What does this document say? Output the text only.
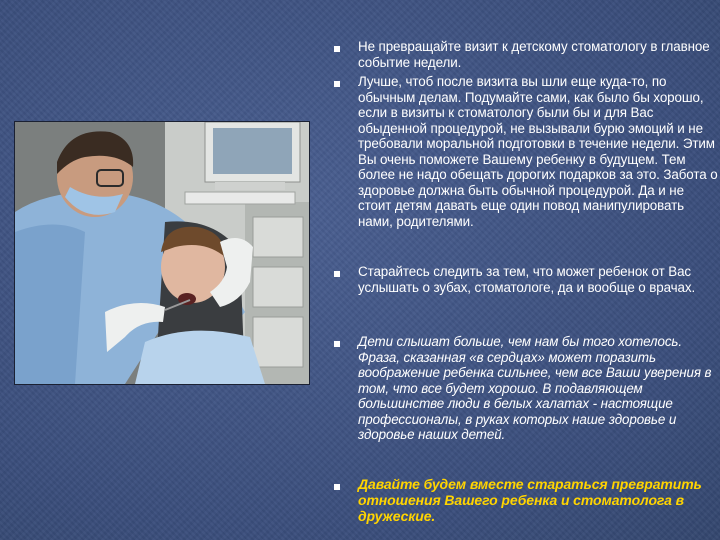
Не превращайте визит к детскому стоматологу в главное событие недели.
Лучше, чтоб после визита вы шли еще куда-то, по обычным делам. Подумайте сами, как было бы хорошо, если в визиты к стоматологу были бы и для Вас обыденной процедурой, не вызывали бурю эмоций и не требовали моральной подготовки в течение недели. Этим Вы очень поможете Вашему ребенку в будущем. Тем более не надо обещать дорогих подарков за это. Забота о здоровье должна быть обычной процедурой. Да и не стоит детям давать еще один повод манипулировать нами, родителями.
Старайтесь следить за тем, что может ребенок от Вас услышать о зубах, стоматологе, да и вообще о врачах.
Дети слышат больше, чем нам бы того хотелось. Фраза, сказанная «в сердцах» может поразить воображение ребенка сильнее, чем все Ваши уверения в том, что все будет хорошо. В подавляющем большинстве люди в белых халатах - настоящие профессионалы, в руках которых наше здоровье и здоровье наших детей.
Давайте будем вместе стараться превратить отношения Вашего ребенка и стоматолога в дружеские.
